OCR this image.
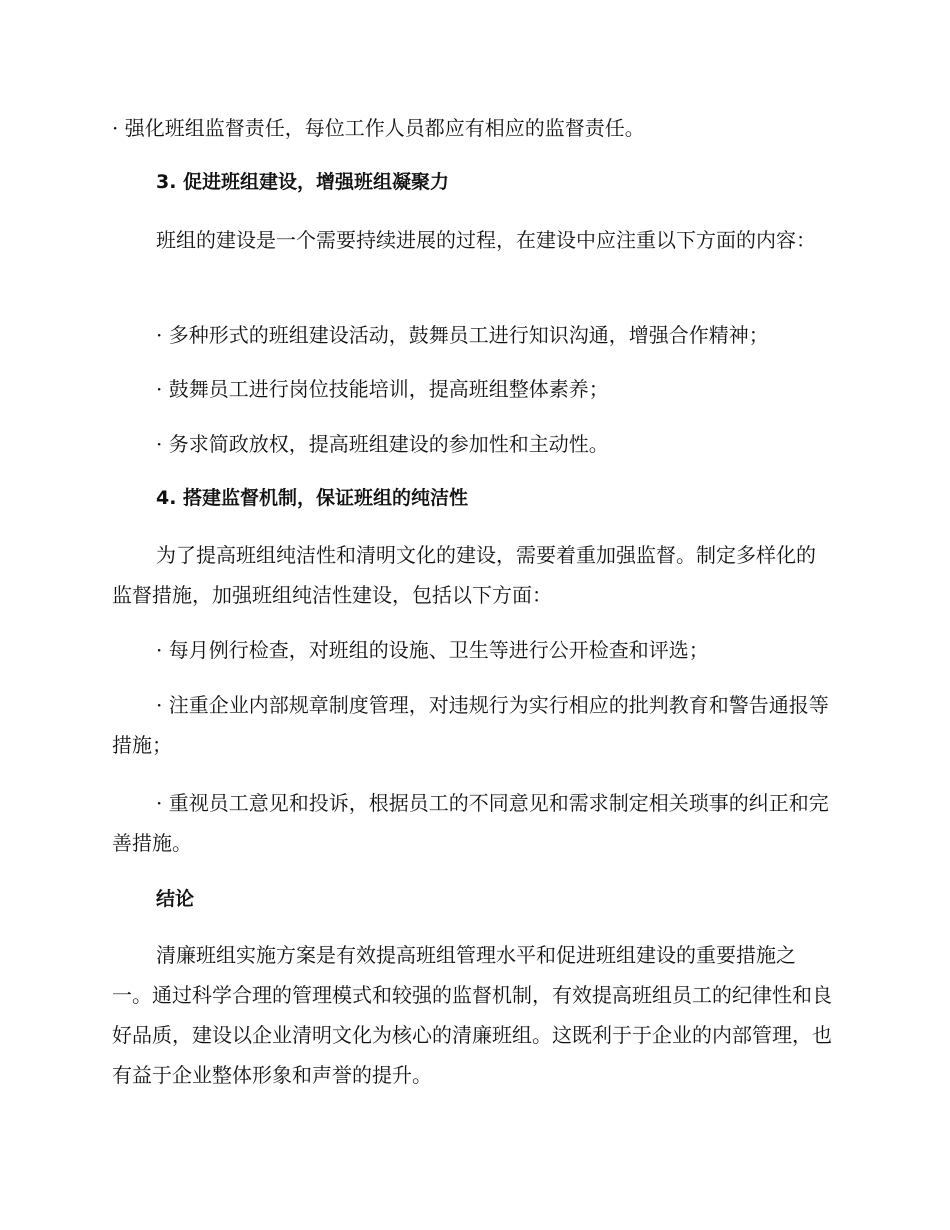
· 强化班组监督责任，每位工作人员都应有相应的监督责任。

3. 促进班组建设，增强班组凝聚力

班组的建设是一个需要持续进展的过程，在建设中应注重以下方面的内容：

· 多种形式的班组建设活动，鼓舞员工进行知识沟通，增强合作精神；

· 鼓舞员工进行岗位技能培训，提高班组整体素养；

· 务求简政放权，提高班组建设的参加性和主动性。

4. 搭建监督机制，保证班组的纯洁性

为了提高班组纯洁性和清明文化的建设，需要着重加强监督。制定多样化的监督措施，加强班组纯洁性建设，包括以下方面：

· 每月例行检查，对班组的设施、卫生等进行公开检查和评选；

· 注重企业内部规章制度管理，对违规行为实行相应的批判教育和警告通报等措施；

· 重视员工意见和投诉，根据员工的不同意见和需求制定相关琐事的纠正和完善措施。

结论

清廉班组实施方案是有效提高班组管理水平和促进班组建设的重要措施之一。通过科学合理的管理模式和较强的监督机制，有效提高班组员工的纪律性和良好品质，建设以企业清明文化为核心的清廉班组。这既利于于企业的内部管理，也有益于企业整体形象和声誉的提升。
